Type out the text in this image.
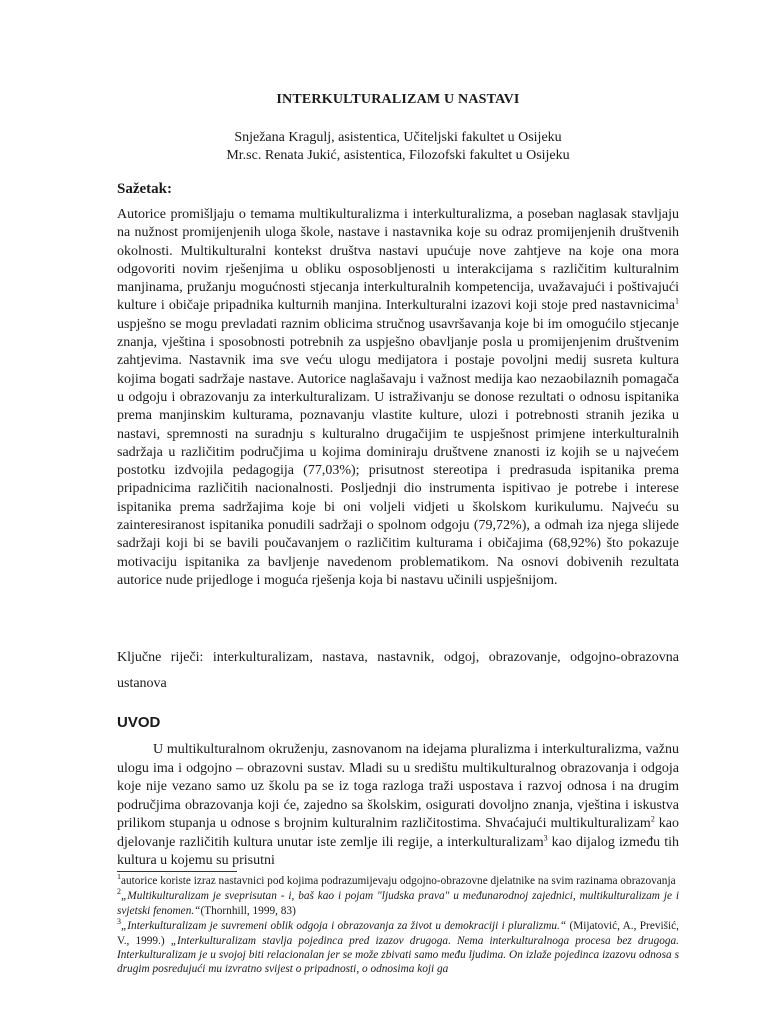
INTERKULTURALIZAM U NASTAVI
Snježana Kragulj, asistentica, Učiteljski fakultet u Osijeku
Mr.sc. Renata Jukić, asistentica, Filozofski fakultet u Osijeku
Sažetak:

Autorice promišljaju o temama multikulturalizma i interkulturalizma, a poseban naglasak stavljaju na nužnost promijenjenih uloga škole, nastave i nastavnika koje su odraz promijenjenih društvenih okolnosti. Multikulturalni kontekst društva nastavi upućuje nove zahtjeve na koje ona mora odgovoriti novim rješenjima u obliku osposobljenosti u interakcijama s različitim kulturalnim manjinama, pružanju mogućnosti stjecanja interkulturalnih kompetencija, uvažavajući i poštivajući kulture i običaje pripadnika kulturnih manjina. Interkulturalni izazovi koji stoje pred nastavnicima$^1$ uspješno se mogu prevladati raznim oblicima stručnog usavršavanja koje bi im omogućilo stjecanje znanja, vještina i sposobnosti potrebnih za uspješno obavljanje posla u promijenjenim društvenim zahtjevima. Nastavnik ima sve veću ulogu medijatora i postaje povoljni medij susreta kultura kojima bogati sadržaje nastave. Autorice naglašavaju i važnost medija kao nezaobilaznih pomagača u odgoju i obrazovanju za interkulturalizam. U istraživanju se donose rezultati o odnosu ispitanika prema manjinskim kulturama, poznavanju vlastite kulture, ulozi i potrebnosti stranih jezika u nastavi, spremnosti na suradnju s kulturalno drugačijim te uspješnost primjene interkulturalnih sadržaja u različitim područjima u kojima dominiraju društvene znanosti iz kojih se u najvećem postotku izdvojila pedagogija (77,03%); prisutnost stereotipa i predrasuda ispitanika prema pripadnicima različitih nacionalnosti. Posljednji dio instrumenta ispitivao je potrebe i interese ispitanika prema sadržajima koje bi oni voljeli vidjeti u školskom kurikulumu. Najveću su zainteresiranost ispitanika ponudili sadržaji o spolnom odgoju (79,72%), a odmah iza njega slijede sadržaji koji bi se bavili poučavanjem o različitim kulturama i običajima (68,92%) što pokazuje motivaciju ispitanika za bavljenje navedenom problematikom. Na osnovi dobivenih rezultata autorice nude prijedloge i moguća rješenja koja bi nastavu učinili uspješnijom.

Ključne riječi: interkulturalizam, nastava, nastavnik, odgoj, obrazovanje, odgojno-obrazovna ustanova

UVOD

U multikulturalnom okruženju, zasnovanom na idejama pluralizma i interkulturalizma, važnu ulogu ima i odgojno – obrazovni sustav. Mladi su u središtu multikulturalnog obrazovanja i odgoja koje nije vezano samo uz školu pa se iz toga razloga traži uspostava i razvoj odnosa i na drugim područjima obrazovanja koji će, zajedno sa školskim, osigurati dovoljno znanja, vještina i iskustva prilikom stupanja u odnose s brojnim kulturalnim različitostima. Shvaćajući multikulturalizam$^2$ kao djelovanje različitih kultura unutar iste zemlje ili regije, a interkulturalizam$^3$ kao dijalog između tih kultura u kojemu su prisutni

$^1$autorice koriste izraz nastavnici pod kojima podrazumijevaju odgojno-obrazovne djelatnike na svim razinama obrazovanja

$^2$„Multikulturalizam je sveprisutan - i, baš kao i pojam "ljudska prava" u međunarodnoj zajednici, multikulturalizam je i svjetski fenomen.“(Thornhill, 1999, 83)

$^3$„Interkulturalizam je suvremeni oblik odgoja i obrazovanja za život u demokraciji i pluralizmu.“ (Mijatović, A., Previšić, V., 1999.) „Interkulturalizam stavlja pojedinca pred izazov drugoga. Nema interkulturalnoga procesa bez drugoga. Interkulturalizam je u svojoj biti relacionalan jer se može zbivati samo među ljudima. On izlaže pojedinca izazovu odnosa s drugim posredujući mu izvratno svijest o pripadnosti, o odnosima koji ga
